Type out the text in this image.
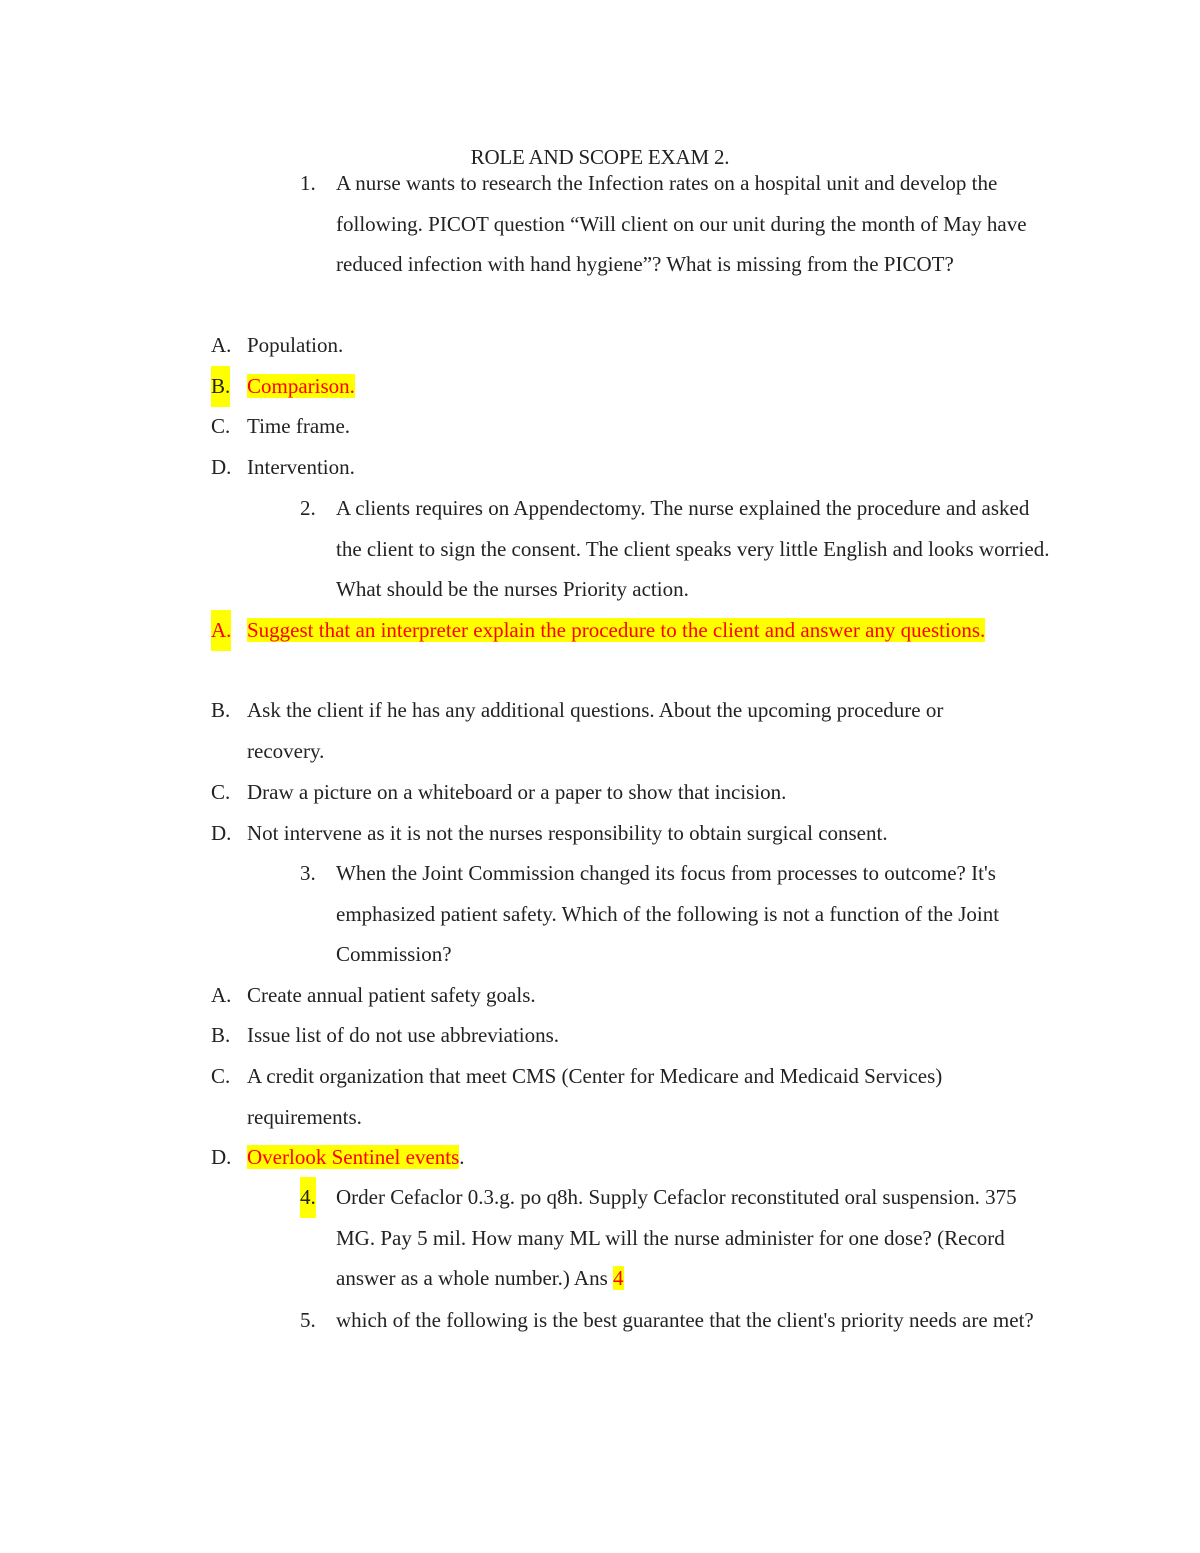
ROLE AND SCOPE EXAM 2.
1. A nurse wants to research the Infection rates on a hospital unit and develop the following. PICOT question “Will client on our unit during the month of May have reduced infection with hand hygiene”? What is missing from the PICOT?
A. Population.
B. Comparison.
C. Time frame.
D. Intervention.
2. A clients requires on Appendectomy. The nurse explained the procedure and asked the client to sign the consent. The client speaks very little English and looks worried. What should be the nurses Priority action.
A. Suggest that an interpreter explain the procedure to the client and answer any questions.
B. Ask the client if he has any additional questions. About the upcoming procedure or recovery.
C. Draw a picture on a whiteboard or a paper to show that incision.
D. Not intervene as it is not the nurses responsibility to obtain surgical consent.
3. When the Joint Commission changed its focus from processes to outcome? It's emphasized patient safety. Which of the following is not a function of the Joint Commission?
A. Create annual patient safety goals.
B. Issue list of do not use abbreviations.
C. A credit organization that meet CMS (Center for Medicare and Medicaid Services) requirements.
D. Overlook Sentinel events.
4. Order Cefaclor 0.3.g. po q8h. Supply Cefaclor reconstituted oral suspension. 375 MG. Pay 5 mil. How many ML will the nurse administer for one dose? (Record answer as a whole number.) Ans 4
5. which of the following is the best guarantee that the client's priority needs are met?
